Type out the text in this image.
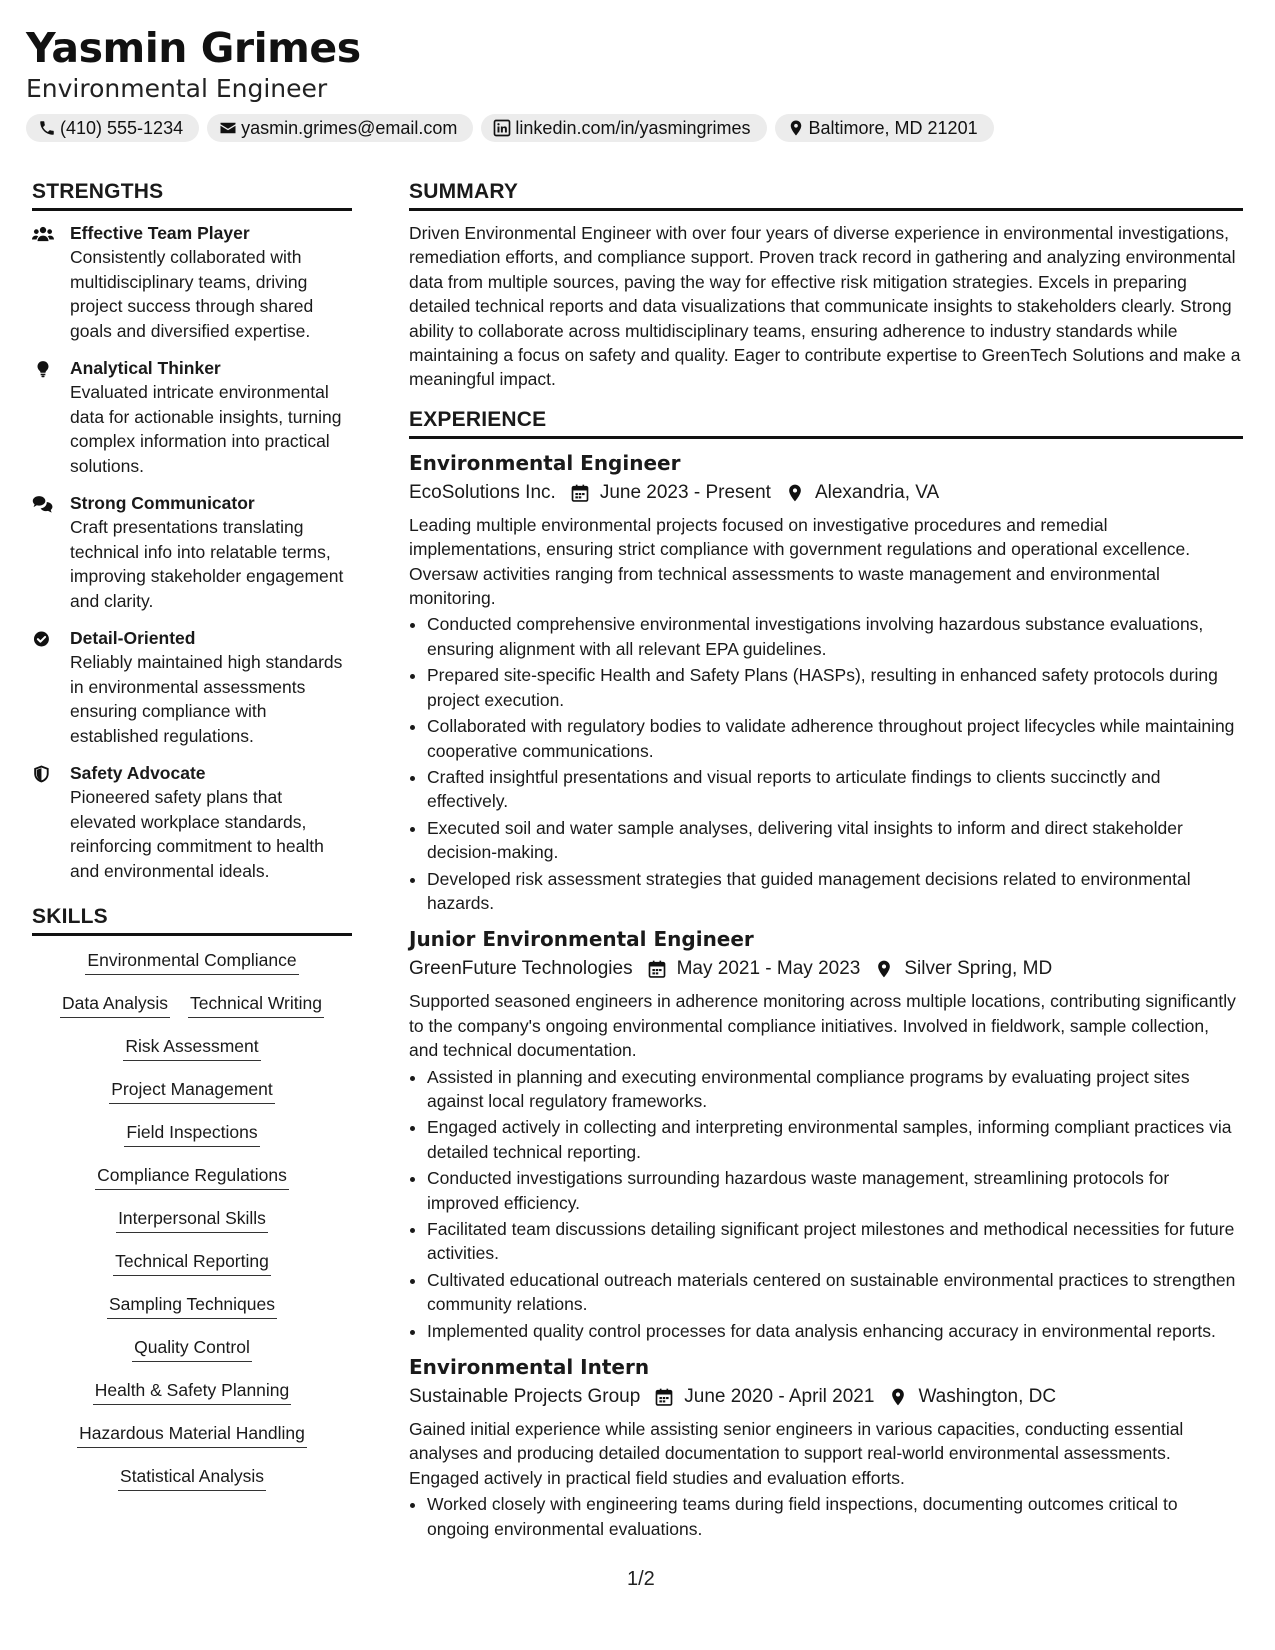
Yasmin Grimes
Environmental Engineer
(410) 555-1234	yasmin.grimes@email.com	linkedin.com/in/yasmingrimes	Baltimore, MD 21201
STRENGTHS
Effective Team Player
Consistently collaborated with multidisciplinary teams, driving project success through shared goals and diversified expertise.
Analytical Thinker
Evaluated intricate environmental data for actionable insights, turning complex information into practical solutions.
Strong Communicator
Craft presentations translating technical info into relatable terms, improving stakeholder engagement and clarity.
Detail-Oriented
Reliably maintained high standards in environmental assessments ensuring compliance with established regulations.
Safety Advocate
Pioneered safety plans that elevated workplace standards, reinforcing commitment to health and environmental ideals.
SKILLS
Environmental Compliance
Data Analysis Technical Writing
Risk Assessment
Project Management
Field Inspections
Compliance Regulations
Interpersonal Skills
Technical Reporting
Sampling Techniques
Quality Control
Health & Safety Planning
Hazardous Material Handling
Statistical Analysis
SUMMARY
Driven Environmental Engineer with over four years of diverse experience in environmental investigations, remediation efforts, and compliance support. Proven track record in gathering and analyzing environmental data from multiple sources, paving the way for effective risk mitigation strategies. Excels in preparing detailed technical reports and data visualizations that communicate insights to stakeholders clearly. Strong ability to collaborate across multidisciplinary teams, ensuring adherence to industry standards while maintaining a focus on safety and quality. Eager to contribute expertise to GreenTech Solutions and make a meaningful impact.
EXPERIENCE
Environmental Engineer
EcoSolutions Inc. June 2023 - Present Alexandria, VA
Leading multiple environmental projects focused on investigative procedures and remedial implementations, ensuring strict compliance with government regulations and operational excellence. Oversaw activities ranging from technical assessments to waste management and environmental monitoring.
• Conducted comprehensive environmental investigations involving hazardous substance evaluations, ensuring alignment with all relevant EPA guidelines.
• Prepared site-specific Health and Safety Plans (HASPs), resulting in enhanced safety protocols during project execution.
• Collaborated with regulatory bodies to validate adherence throughout project lifecycles while maintaining cooperative communications.
• Crafted insightful presentations and visual reports to articulate findings to clients succinctly and effectively.
• Executed soil and water sample analyses, delivering vital insights to inform and direct stakeholder decision-making.
• Developed risk assessment strategies that guided management decisions related to environmental hazards.
Junior Environmental Engineer
GreenFuture Technologies May 2021 - May 2023 Silver Spring, MD
Supported seasoned engineers in adherence monitoring across multiple locations, contributing significantly to the company's ongoing environmental compliance initiatives. Involved in fieldwork, sample collection, and technical documentation.
• Assisted in planning and executing environmental compliance programs by evaluating project sites against local regulatory frameworks.
• Engaged actively in collecting and interpreting environmental samples, informing compliant practices via detailed technical reporting.
• Conducted investigations surrounding hazardous waste management, streamlining protocols for improved efficiency.
• Facilitated team discussions detailing significant project milestones and methodical necessities for future activities.
• Cultivated educational outreach materials centered on sustainable environmental practices to strengthen community relations.
• Implemented quality control processes for data analysis enhancing accuracy in environmental reports.
Environmental Intern
Sustainable Projects Group June 2020 - April 2021 Washington, DC
Gained initial experience while assisting senior engineers in various capacities, conducting essential analyses and producing detailed documentation to support real-world environmental assessments. Engaged actively in practical field studies and evaluation efforts.
• Worked closely with engineering teams during field inspections, documenting outcomes critical to ongoing environmental evaluations.
1/2
